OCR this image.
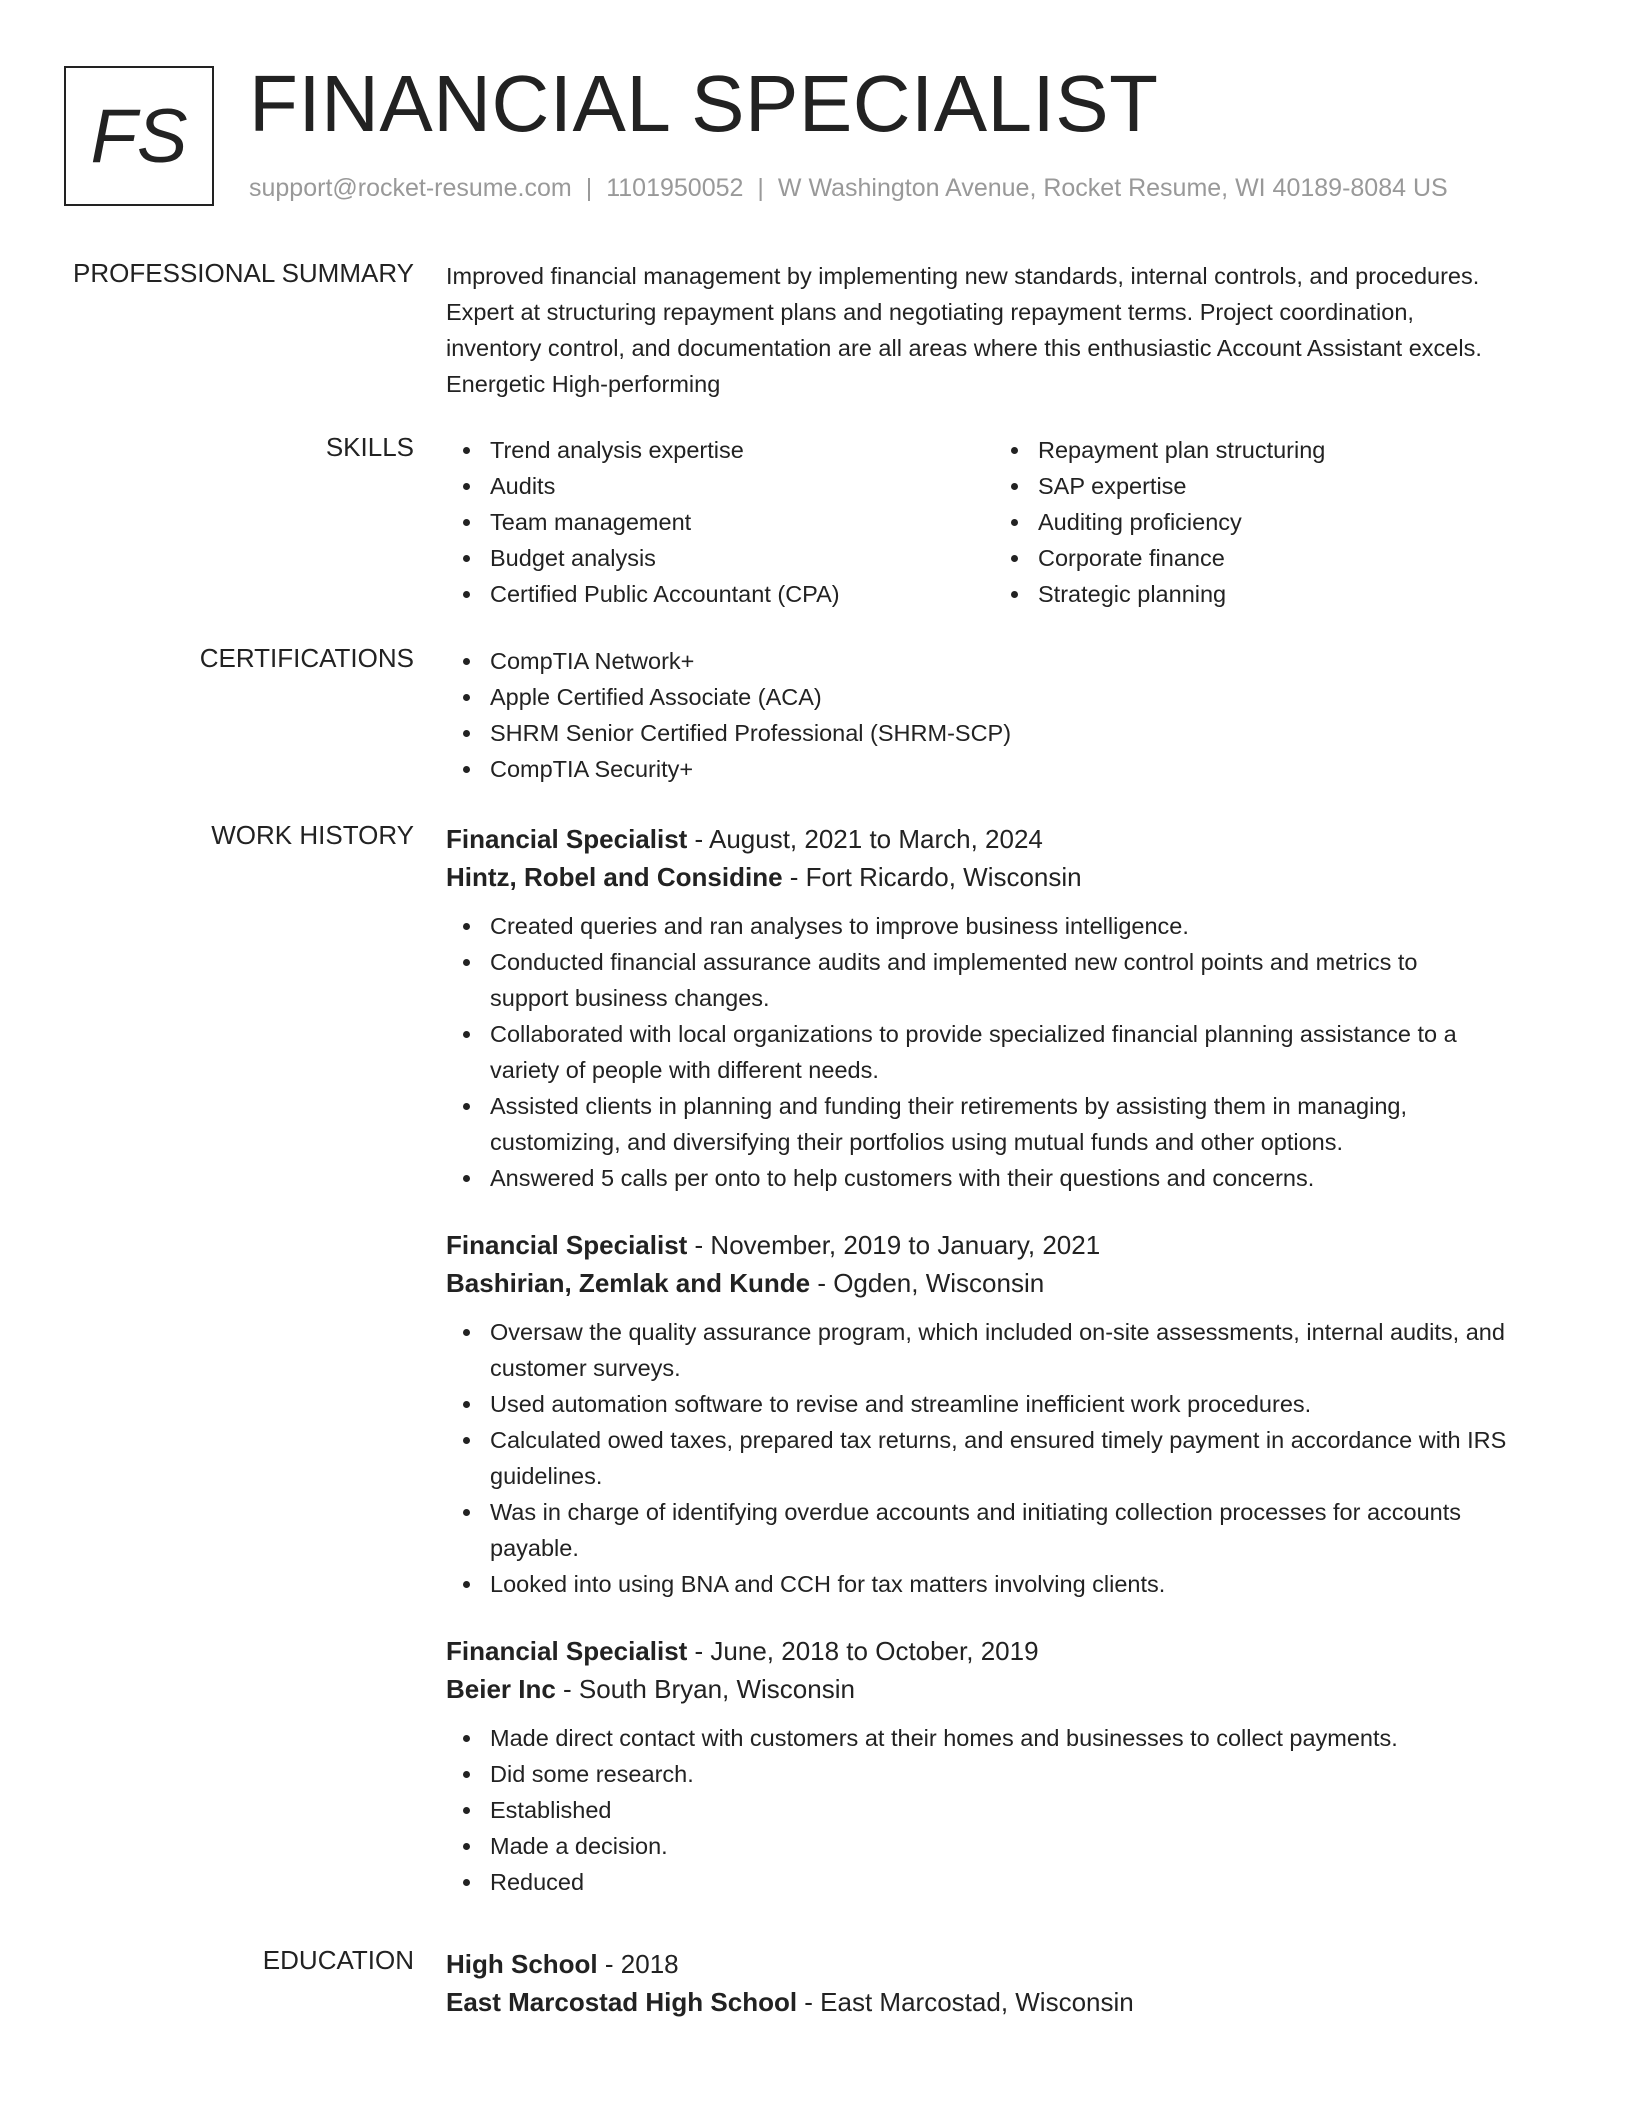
FS FINANCIAL SPECIALIST
support@rocket-resume.com | 1101950052 | W Washington Avenue, Rocket Resume, WI 40189-8084 US
PROFESSIONAL SUMMARY Improved financial management by implementing new standards, internal controls, and procedures.

Expert at structuring repayment plans and negotiating repayment terms. Project coordination,

inventory control, and documentation are all areas where this enthusiastic Account Assistant excels.

Energetic High-performing

SKILLS	Trend analysis expertise
Audits
Team management
Budget analysis
Certified Public Accountant (CPA)
Repayment plan structuring
SAP expertise
Auditing proficiency
Corporate finance
Strategic planning
CERTIFICATIONS	CompTIA Network+
Apple Certified Associate (ACA)
SHRM Senior Certified Professional (SHRM-SCP)
CompTIA Security+
WORK HISTORY Financial Specialist - August, 2021 to March, 2024
Hintz, Robel and Considine - Fort Ricardo, Wisconsin
Created queries and ran analyses to improve business intelligence.
Conducted financial assurance audits and implemented new control points and metrics to
support business changes.
Collaborated with local organizations to provide specialized financial planning assistance to a
variety of people with different needs.
Assisted clients in planning and funding their retirements by assisting them in managing,
customizing, and diversifying their portfolios using mutual funds and other options.
Answered 5 calls per onto to help customers with their questions and concerns.
Financial Specialist - November, 2019 to January, 2021
Bashirian, Zemlak and Kunde - Ogden, Wisconsin
Oversaw the quality assurance program, which included on-site assessments, internal audits, and
customer surveys.
Used automation software to revise and streamline inefficient work procedures.
Calculated owed taxes, prepared tax returns, and ensured timely payment in accordance with IRS
guidelines.
Was in charge of identifying overdue accounts and initiating collection processes for accounts
payable.
Looked into using BNA and CCH for tax matters involving clients.
Financial Specialist - June, 2018 to October, 2019
Beier Inc - South Bryan, Wisconsin
Made direct contact with customers at their homes and businesses to collect payments.
Did some research.
Established
Made a decision.
Reduced
EDUCATION High School - 2018
East Marcostad High School - East Marcostad, Wisconsin
